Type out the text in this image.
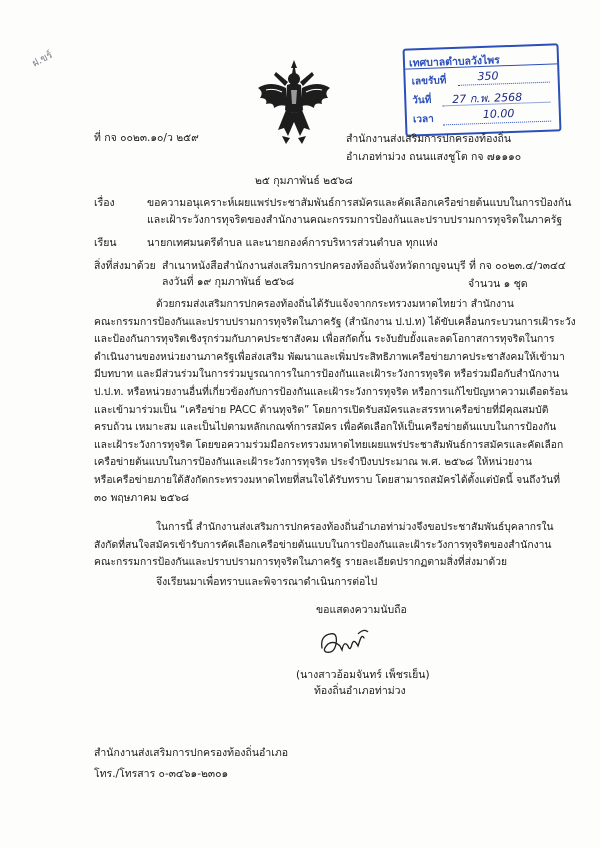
ฝ.ขร์	เทศบาลตำบลวังไพร
เลขรับที่	350
วันที่ 27 ก.พ. 2568
เวลา	10.00
ที่ กจ ๐๐๒๓.๑๐/ว ๒๕๙	สำนักงานส่งเสริมการปกครองท้องถิ่น
อำเภอท่าม่วง ถนนแสงชูโต กจ ๗๑๑๑๐
๒๕ กุมภาพันธ์ ๒๕๖๘
เรื่อง	ขอความอนุเคราะห์เผยแพร่ประชาสัมพันธ์การสมัครและคัดเลือกเครือข่ายต้นแบบในการป้องกัน
และเฝ้าระวังการทุจริตของสำนักงานคณะกรรมการป้องกันและปราบปรามการทุจริตในภาครัฐ
เรียน	นายกเทศมนตรีตำบล และนายกองค์การบริหารส่วนตำบล ทุกแห่ง
สิ่งที่ส่งมาด้วย สำเนาหนังสือสำนักงานส่งเสริมการปกครองท้องถิ่นจังหวัดกาญจนบุรี ที่ กจ ๐๐๒๓.๔/ว๓๔๔
ลงวันที่ ๑๙ กุมภาพันธ์ ๒๕๖๘	จำนวน ๑ ชุด
ด้วยกรมส่งเสริมการปกครองท้องถิ่นได้รับแจ้งจากกระทรวงมหาดไทยว่า สำนักงาน
คณะกรรมการป้องกันและปราบปรามการทุจริตในภาครัฐ (สำนักงาน ป.ป.ท) ได้ขับเคลื่อนกระบวนการเฝ้าระวัง
และป้องกันการทุจริตเชิงรุกร่วมกับภาคประชาสังคม เพื่อสกัดกั้น ระงับยับยั้งและลดโอกาสการทุจริตในการ
ดำเนินงานของหน่วยงานภาครัฐเพื่อส่งเสริม พัฒนาและเพิ่มประสิทธิภาพเครือข่ายภาคประชาสังคมให้เข้ามา
มีบทบาท และมีส่วนร่วมในการร่วมบูรณาการในการป้องกันและเฝ้าระวังการทุจริต หรือร่วมมือกับสำนักงาน
ป.ป.ท. หรือหน่วยงานอื่นที่เกี่ยวข้องกับการป้องกันและเฝ้าระวังการทุจริต หรือการแก้ไขปัญหาความเดือดร้อน
และเข้ามาร่วมเป็น “เครือข่าย PACC ต้านทุจริต” โดยการเปิดรับสมัครและสรรหาเครือข่ายที่มีคุณสมบัติ
ครบถ้วน เหมาะสม และเป็นไปตามหลักเกณฑ์การสมัคร เพื่อคัดเลือกให้เป็นเครือข่ายต้นแบบในการป้องกัน
และเฝ้าระวังการทุจริต โดยขอความร่วมมือกระทรวงมหาดไทยเผยแพร่ประชาสัมพันธ์การสมัครและคัดเลือก
เครือข่ายต้นแบบในการป้องกันและเฝ้าระวังการทุจริต ประจำปีงบประมาณ พ.ศ. ๒๕๖๘ ให้หน่วยงาน
หรือเครือข่ายภายใต้สังกัดกระทรวงมหาดไทยที่สนใจได้รับทราบ โดยสามารถสมัครได้ตั้งแต่บัดนี้ จนถึงวันที่
๓๐ พฤษภาคม ๒๕๖๘
ในการนี้ สำนักงานส่งเสริมการปกครองท้องถิ่นอำเภอท่าม่วงจึงขอประชาสัมพันธ์บุคลากรใน
สังกัดที่สนใจสมัครเข้ารับการคัดเลือกเครือข่ายต้นแบบในการป้องกันและเฝ้าระวังการทุจริตของสำนักงาน
คณะกรรมการป้องกันและปราบปรามการทุจริตในภาครัฐ รายละเอียดปรากฏตามสิ่งที่ส่งมาด้วย
จึงเรียนมาเพื่อทราบและพิจารณาดำเนินการต่อไป
ขอแสดงความนับถือ
(นางสาวอ้อมจันทร์ เพ็ชรเย็น)
ท้องถิ่นอำเภอท่าม่วง
สำนักงานส่งเสริมการปกครองท้องถิ่นอำเภอ
โทร./โทรสาร ๐-๓๔๖๑-๒๓๐๑
